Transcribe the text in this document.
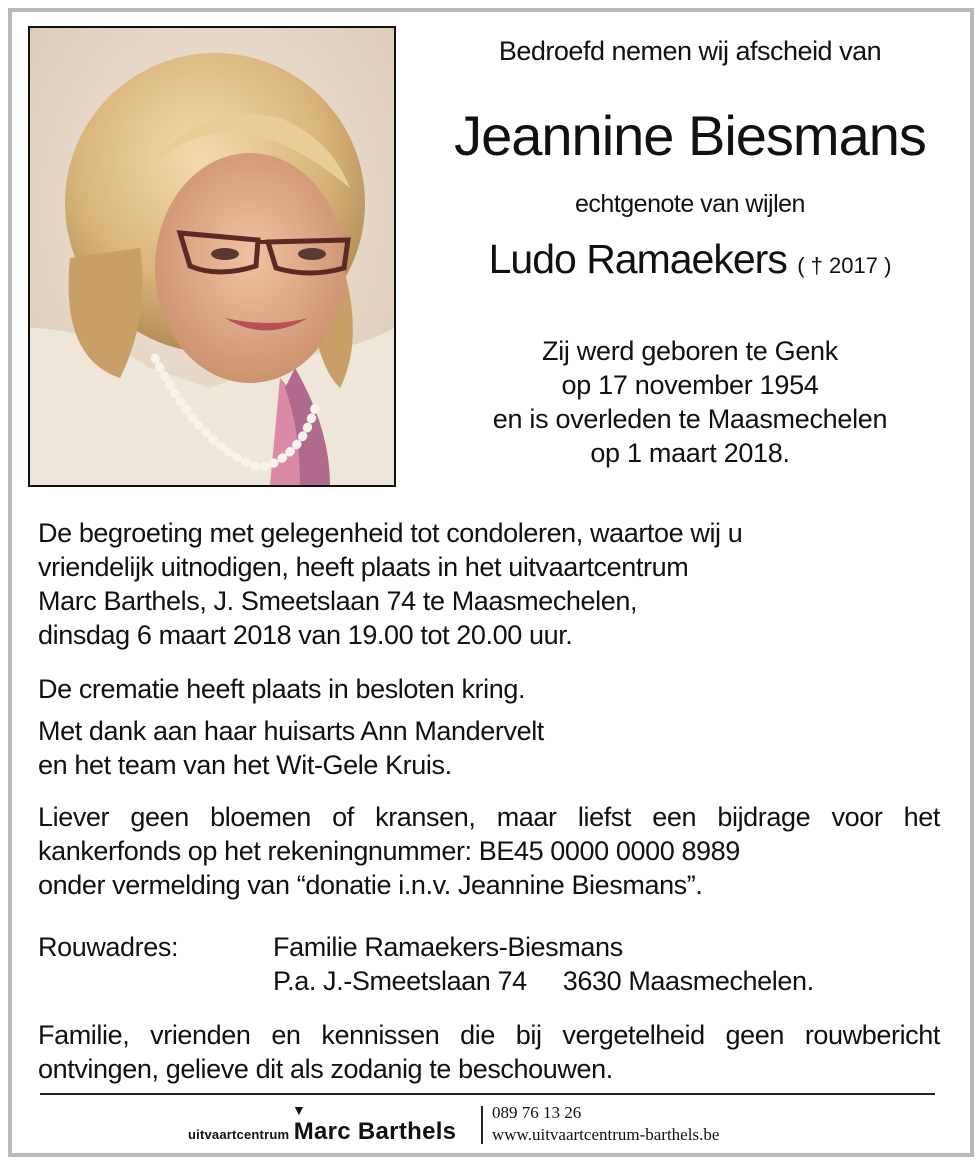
Bedroefd nemen wij afscheid van
Jeannine Biesmans
echtgenote van wijlen
Ludo Ramaekers ( † 2017 )
Zij werd geboren te Genk
op 17 november 1954
en is overleden te Maasmechelen
op 1 maart 2018.
De begroeting met gelegenheid tot condoleren, waartoe wij u
vriendelijk uitnodigen, heeft plaats in het uitvaartcentrum
Marc Barthels, J. Smeetslaan 74 te Maasmechelen,
dinsdag 6 maart 2018 van 19.00 tot 20.00 uur.
De crematie heeft plaats in besloten kring.
Met dank aan haar huisarts Ann Mandervelt
en het team van het Wit-Gele Kruis.
Liever geen bloemen of kransen, maar liefst een bijdrage voor het
kankerfonds op het rekeningnummer: BE45 0000 0000 8989
onder vermelding van “donatie i.n.v. Jeannine Biesmans”.
Rouwadres:	Familie Ramaekers-Biesmans
P.a. J.-Smeetslaan 74 3630 Maasmechelen.
Familie, vrienden en kennissen die bij vergetelheid geen rouwbericht
ontvingen, gelieve dit als zodanig te beschouwen.
▼
uitvaartcentrum Marc Barthels
089 76 13 26
www.uitvaartcentrum-barthels.be
